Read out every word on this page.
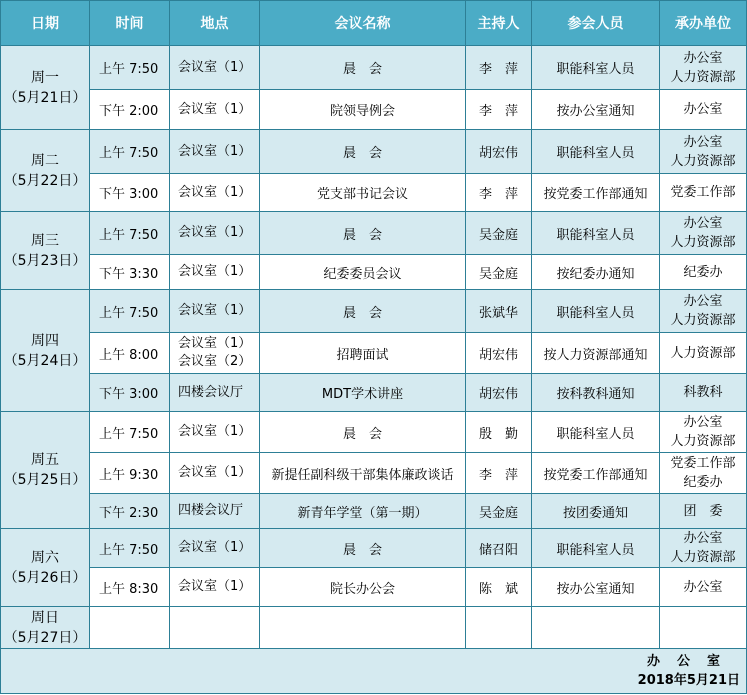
日期	时间	地点	会议名称	主持人	参会人员	承办单位

周一
（5月21日）	上午 7:50	会议室（1）	晨　会	李　萍	职能科室人员	办公室
人力资源部

	下午 2:00	会议室（1）	院领导例会	李　萍	按办公室通知	办公室

周二
（5月22日）	上午 7:50	会议室（1）	晨　会	胡宏伟	职能科室人员	办公室
人力资源部

	下午 3:00	会议室（1）	党支部书记会议	李　萍	按党委工作部通知	党委工作部

周三
（5月23日）	上午 7:50	会议室（1）	晨　会	吴金庭	职能科室人员	办公室
人力资源部

	下午 3:30	会议室（1）	纪委委员会议	吴金庭	按纪委办通知	纪委办

周四
（5月24日）	上午 7:50	会议室（1）	晨　会	张斌华	职能科室人员	办公室
人力资源部

	上午 8:00	会议室（1）
会议室（2）	招聘面试	胡宏伟	按人力资源部通知	人力资源部

	下午 3:00	四楼会议厅	MDT学术讲座	胡宏伟	按科教科通知	科教科

周五
（5月25日）	上午 7:50	会议室（1）	晨　会	殷　勤	职能科室人员	办公室
人力资源部

	上午 9:30	会议室（1）	新提任副科级干部集体廉政谈话	李　萍	按党委工作部通知	党委工作部
纪委办

	下午 2:30	四楼会议厅	新青年学堂（第一期）	吴金庭	按团委通知	团　委

周六
（5月26日）	上午 7:50	会议室（1）	晨　会	储召阳	职能科室人员	办公室
人力资源部

	上午 8:30	会议室（1）	院长办公会	陈　斌	按办公室通知	办公室

周日
（5月27日）						

办　公　室
2018年5月21日						
